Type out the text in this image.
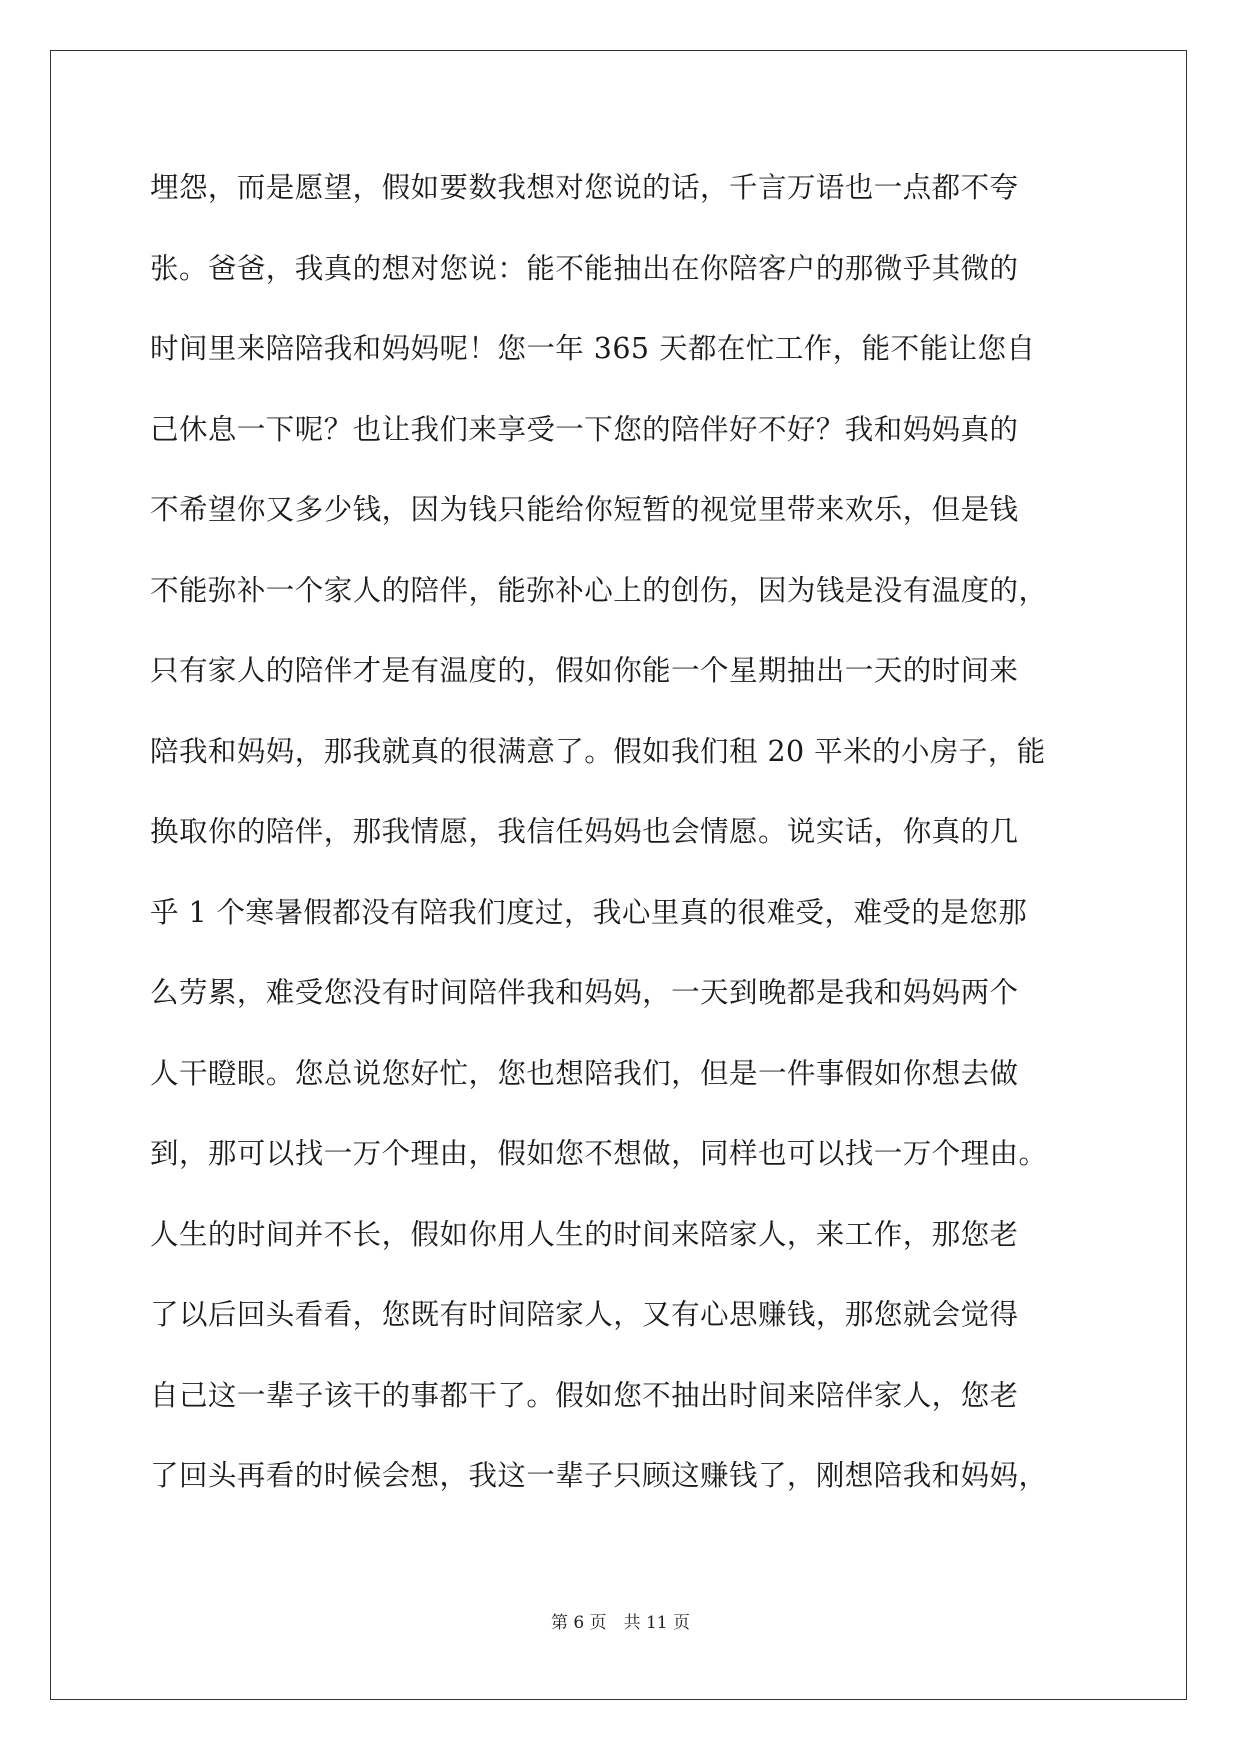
埋怨，而是愿望，假如要数我想对您说的话，千言万语也一点都不夸
张。爸爸，我真的想对您说：能不能抽出在你陪客户的那微乎其微的
时间里来陪陪我和妈妈呢！您一年 365 天都在忙工作，能不能让您自
己休息一下呢？也让我们来享受一下您的陪伴好不好？我和妈妈真的
不希望你又多少钱，因为钱只能给你短暂的视觉里带来欢乐，但是钱
不能弥补一个家人的陪伴，能弥补心上的创伤，因为钱是没有温度的，
只有家人的陪伴才是有温度的，假如你能一个星期抽出一天的时间来
陪我和妈妈，那我就真的很满意了。假如我们租 20 平米的小房子，能
换取你的陪伴，那我情愿，我信任妈妈也会情愿。说实话，你真的几
乎 1 个寒暑假都没有陪我们度过，我心里真的很难受，难受的是您那
么劳累，难受您没有时间陪伴我和妈妈，一天到晚都是我和妈妈两个
人干瞪眼。您总说您好忙，您也想陪我们，但是一件事假如你想去做
到，那可以找一万个理由，假如您不想做，同样也可以找一万个理由。
人生的时间并不长，假如你用人生的时间来陪家人，来工作，那您老
了以后回头看看，您既有时间陪家人，又有心思赚钱，那您就会觉得
自己这一辈子该干的事都干了。假如您不抽出时间来陪伴家人，您老
了回头再看的时候会想，我这一辈子只顾这赚钱了，刚想陪我和妈妈，
第 6 页　共 11 页
